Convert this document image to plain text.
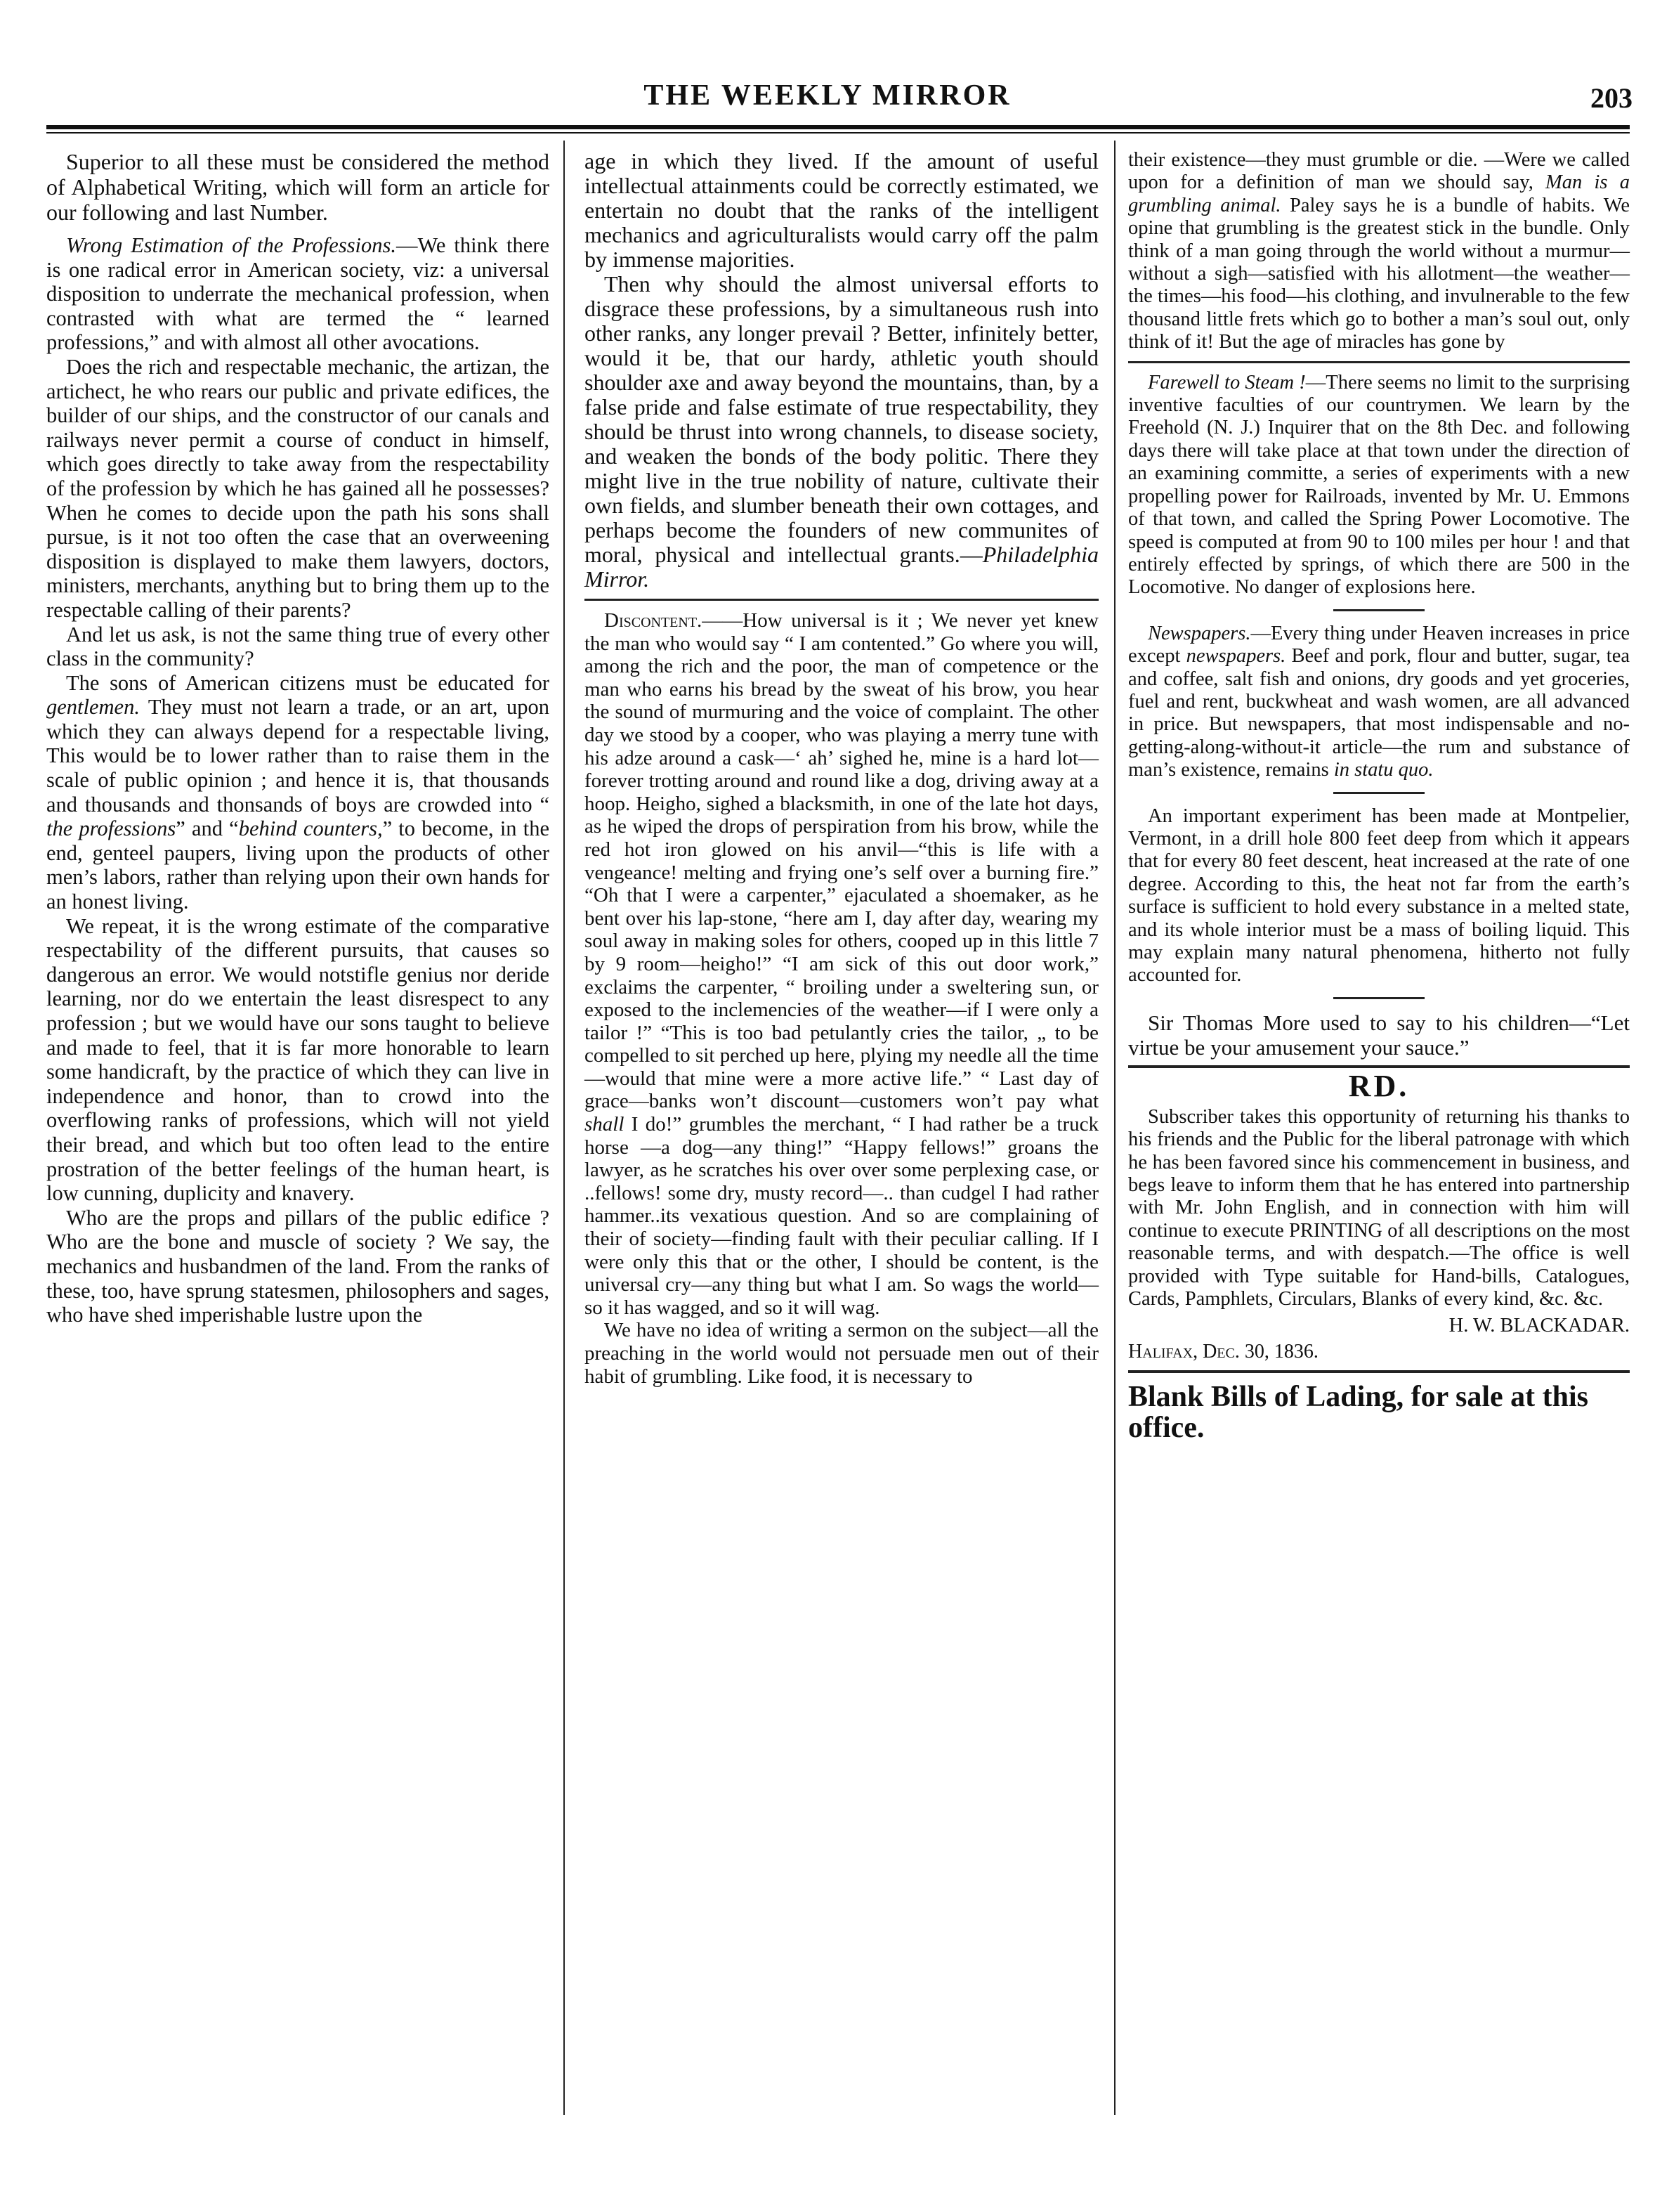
THE WEEKLY MIRROR	203

Superior to all these must be considered the method of Alphabetical Writing, which will form an article for our following and last Number.

Wrong Estimation of the Professions.—We think there is one radical error in American society, viz: a universal disposition to underrate the mechanical profession, when contrasted with what are termed the “ learned professions,” and with almost all other avocations.

Does the rich and respectable mechanic, the artizan, the artichect, he who rears our public and private edifices, the builder of our ships, and the constructor of our canals and railways never permit a course of conduct in himself, which goes directly to take away from the respectability of the profession by which he has gained all he possesses? When he comes to decide upon the path his sons shall pursue, is it not too often the case that an overweening disposition is displayed to make them lawyers, doctors, ministers, merchants, anything but to bring them up to the respectable calling of their parents?

And let us ask, is not the same thing true of every other class in the community?

The sons of American citizens must be educated for gentlemen. They must not learn a trade, or an art, upon which they can always depend for a respectable living, This would be to lower rather than to raise them in the scale of public opinion ; and hence it is, that thousands and thousands and thonsands of boys are crowded into “ the professions” and “behind counters,” to become, in the end, genteel paupers, living upon the products of other men’s labors, rather than relying upon their own hands for an honest living.

We repeat, it is the wrong estimate of the comparative respectability of the different pursuits, that causes so dangerous an error. We would notstifle genius nor deride learning, nor do we entertain the least disrespect to any profession ; but we would have our sons taught to believe and made to feel, that it is far more honorable to learn some handicraft, by the practice of which they can live in independence and honor, than to crowd into the overflowing ranks of professions, which will not yield their bread, and which but too often lead to the entire prostration of the better feelings of the human heart, is low cunning, duplicity and knavery.

Who are the props and pillars of the public edifice ? Who are the bone and muscle of society ? We say, the mechanics and husbandmen of the land. From the ranks of these, too, have sprung statesmen, philosophers and sages, who have shed imperishable lustre upon the

age in which they lived. If the amount of useful intellectual attainments could be correctly estimated, we entertain no doubt that the ranks of the intelligent mechanics and agriculturalists would carry off the palm by immense majorities.

Then why should the almost universal efforts to disgrace these professions, by a simultaneous rush into other ranks, any longer prevail ? Better, infinitely better, would it be, that our hardy, athletic youth should shoulder axe and away beyond the mountains, than, by a false pride and false estimate of true respectability, they should be thrust into wrong channels, to disease society, and weaken the bonds of the body politic. There they might live in the true nobility of nature, cultivate their own fields, and slumber beneath their own cottages, and perhaps become the founders of new communites of moral, physical and intellectual grants.—Philadelphia Mirror.

Discontent.——How universal is it ; We never yet knew the man who would say “ I am contented.” Go where you will, among the rich and the poor, the man of competence or the man who earns his bread by the sweat of his brow, you hear the sound of murmuring and the voice of complaint. The other day we stood by a cooper, who was playing a merry tune with his adze around a cask—‘ ah’ sighed he, mine is a hard lot—forever trotting around and round like a dog, driving away at a hoop. Heigho, sighed a blacksmith, in one of the late hot days, as he wiped the drops of perspiration from his brow, while the red hot iron glowed on his anvil—“this is life with a vengeance! melting and frying one’s self over a burning fire.” “Oh that I were a carpenter,” ejaculated a shoemaker, as he bent over his lap-stone, “here am I, day after day, wearing my soul away in making soles for others, cooped up in this little 7 by 9 room—heigho!” “I am sick of this out door work,” exclaims the carpenter, “ broiling under a sweltering sun, or exposed to the inclemencies of the weather—if I were only a tailor !” “This is too bad petulantly cries the tailor, „ to be compelled to sit perched up here, plying my needle all the time—would that mine were a more active life.” “ Last day of grace—banks won’t discount—customers won’t pay what shall I do!” grumbles the merchant, “ I had rather be a truck horse —a dog—any thing!” “Happy fellows!” groans the lawyer, as he scratches his over over some perplexing case, or ..fellows! some dry, musty record—.. than cudgel I had rather hammer..its vexatious question. And so are complaining of their of society—finding fault with their peculiar calling. If I were only this that or the other, I should be content, is the universal cry—any thing but what I am. So wags the world—so it has wagged, and so it will wag.

We have no idea of writing a sermon on the subject—all the preaching in the world would not persuade men out of their habit of grumbling. Like food, it is necessary to

their existence—they must grumble or die. —Were we called upon for a definition of man we should say, Man is a grumbling animal. Paley says he is a bundle of habits. We opine that grumbling is the greatest stick in the bundle. Only think of a man going through the world without a murmur—without a sigh—satisfied with his allotment—the weather—the times—his food—his clothing, and invulnerable to the few thousand little frets which go to bother a man’s soul out, only think of it! But the age of miracles has gone by

Farewell to Steam !—There seems no limit to the surprising inventive faculties of our countrymen. We learn by the Freehold (N. J.) Inquirer that on the 8th Dec. and following days there will take place at that town under the direction of an examining committe, a series of experiments with a new propelling power for Railroads, invented by Mr. U. Emmons of that town, and called the Spring Power Locomotive. The speed is computed at from 90 to 100 miles per hour ! and that entirely effected by springs, of which there are 500 in the Locomotive. No danger of explosions here.

Newspapers.—Every thing under Heaven increases in price except newspapers. Beef and pork, flour and butter, sugar, tea and coffee, salt fish and onions, dry goods and yet groceries, fuel and rent, buckwheat and wash women, are all advanced in price. But newspapers, that most indispensable and no-getting-along-without-it article—the rum and substance of man’s existence, remains in statu quo.

An important experiment has been made at Montpelier, Vermont, in a drill hole 800 feet deep from which it appears that for every 80 feet descent, heat increased at the rate of one degree. According to this, the heat not far from the earth’s surface is sufficient to hold every substance in a melted state, and its whole interior must be a mass of boiling liquid. This may explain many natural phenomena, hitherto not fully accounted for.

Sir Thomas More used to say to his children—“Let virtue be your amusement your sauce.”

RD.

Subscriber takes this opportunity of returning his thanks to his friends and the Public for the liberal patronage with which he has been favored since his commencement in business, and begs leave to inform them that he has entered into partnership with Mr. John English, and in connection with him will continue to execute PRINTING of all descriptions on the most reasonable terms, and with despatch.—The office is well provided with Type suitable for Hand-bills, Catalogues, Cards, Pamphlets, Circulars, Blanks of every kind, &c. &c.

H. W. BLACKADAR.
Halifax, Dec. 30, 1836.
Blank Bills of Lading, for sale at this office.
